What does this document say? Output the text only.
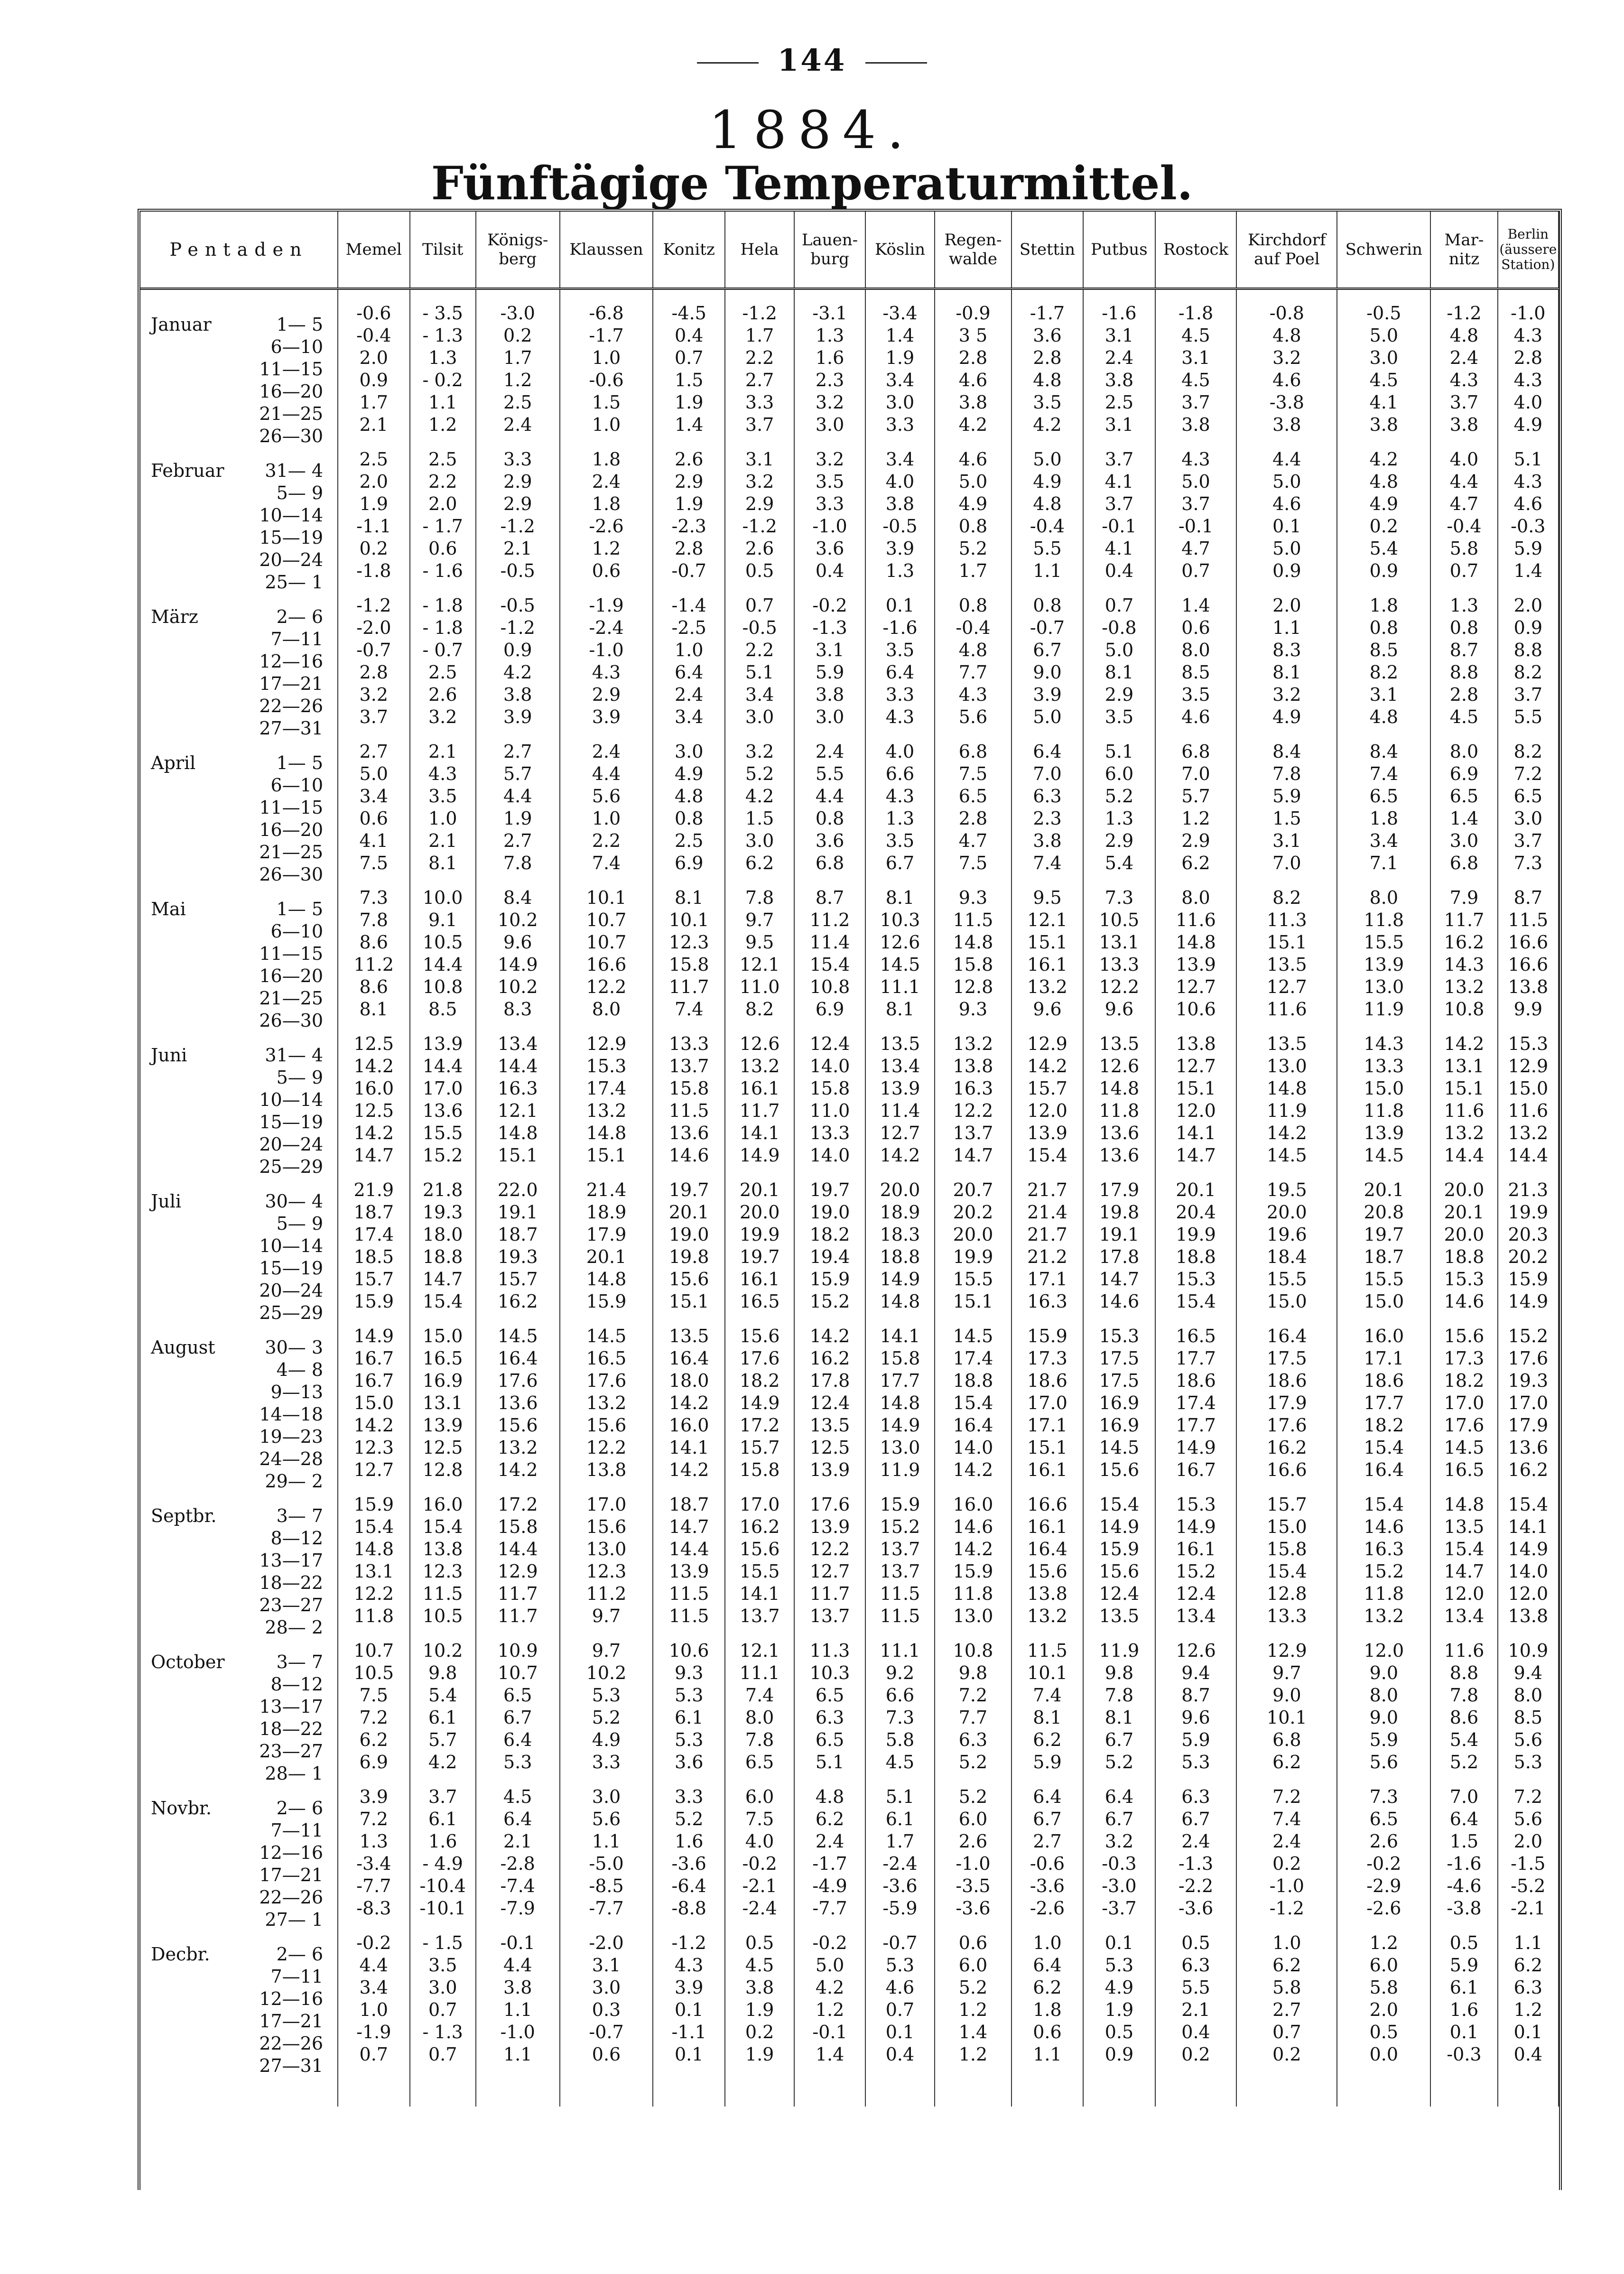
144
1884.
Fünftägige Temperaturmittel.
Pentaden	Memel	Tilsit	Königs-berg	Klaussen	Konitz	Hela	Lauen-burg	Köslin	Regen-walde	Stettin	Putbus	Rostock	Kirchdorf auf Poel	Schwerin	Mar-nitz	Berlin (äussere Station)

Januar 1— 5	-0.6	- 3.5	-3.0	-6.8	-4.5	-1.2	-3.1	-3.4	-0.9	-1.7	-1.6	-1.8	-0.8	-0.5	-1.2	-1.0

6—10	-0.4	- 1.3	0.2	-1.7	0.4	1.7	1.3	1.4	3 5	3.6	3.1	4.5	4.8	5.0	4.8	4.3

11—15	2.0	1.3	1.7	1.0	0.7	2.2	1.6	1.9	2.8	2.8	2.4	3.1	3.2	3.0	2.4	2.8

16—20	0.9	- 0.2	1.2	-0.6	1.5	2.7	2.3	3.4	4.6	4.8	3.8	4.5	4.6	4.5	4.3	4.3

21—25	1.7	1.1	2.5	1.5	1.9	3.3	3.2	3.0	3.8	3.5	2.5	3.7	-3.8	4.1	3.7	4.0

26—30	2.1	1.2	2.4	1.0	1.4	3.7	3.0	3.3	4.2	4.2	3.1	3.8	3.8	3.8	3.8	4.9

Februar 31— 4	2.5	2.5	3.3	1.8	2.6	3.1	3.2	3.4	4.6	5.0	3.7	4.3	4.4	4.2	4.0	5.1

5— 9	2.0	2.2	2.9	2.4	2.9	3.2	3.5	4.0	5.0	4.9	4.1	5.0	5.0	4.8	4.4	4.3

10—14	1.9	2.0	2.9	1.8	1.9	2.9	3.3	3.8	4.9	4.8	3.7	3.7	4.6	4.9	4.7	4.6

15—19	-1.1	- 1.7	-1.2	-2.6	-2.3	-1.2	-1.0	-0.5	0.8	-0.4	-0.1	-0.1	0.1	0.2	-0.4	-0.3

20—24	0.2	0.6	2.1	1.2	2.8	2.6	3.6	3.9	5.2	5.5	4.1	4.7	5.0	5.4	5.8	5.9

25— 1	-1.8	- 1.6	-0.5	0.6	-0.7	0.5	0.4	1.3	1.7	1.1	0.4	0.7	0.9	0.9	0.7	1.4

März 2— 6	-1.2	- 1.8	-0.5	-1.9	-1.4	0.7	-0.2	0.1	0.8	0.8	0.7	1.4	2.0	1.8	1.3	2.0

7—11	-2.0	- 1.8	-1.2	-2.4	-2.5	-0.5	-1.3	-1.6	-0.4	-0.7	-0.8	0.6	1.1	0.8	0.8	0.9

12—16	-0.7	- 0.7	0.9	-1.0	1.0	2.2	3.1	3.5	4.8	6.7	5.0	8.0	8.3	8.5	8.7	8.8

17—21	2.8	2.5	4.2	4.3	6.4	5.1	5.9	6.4	7.7	9.0	8.1	8.5	8.1	8.2	8.8	8.2

22—26	3.2	2.6	3.8	2.9	2.4	3.4	3.8	3.3	4.3	3.9	2.9	3.5	3.2	3.1	2.8	3.7

27—31	3.7	3.2	3.9	3.9	3.4	3.0	3.0	4.3	5.6	5.0	3.5	4.6	4.9	4.8	4.5	5.5

April 1— 5	2.7	2.1	2.7	2.4	3.0	3.2	2.4	4.0	6.8	6.4	5.1	6.8	8.4	8.4	8.0	8.2

6—10	5.0	4.3	5.7	4.4	4.9	5.2	5.5	6.6	7.5	7.0	6.0	7.0	7.8	7.4	6.9	7.2

11—15	3.4	3.5	4.4	5.6	4.8	4.2	4.4	4.3	6.5	6.3	5.2	5.7	5.9	6.5	6.5	6.5

16—20	0.6	1.0	1.9	1.0	0.8	1.5	0.8	1.3	2.8	2.3	1.3	1.2	1.5	1.8	1.4	3.0

21—25	4.1	2.1	2.7	2.2	2.5	3.0	3.6	3.5	4.7	3.8	2.9	2.9	3.1	3.4	3.0	3.7

26—30	7.5	8.1	7.8	7.4	6.9	6.2	6.8	6.7	7.5	7.4	5.4	6.2	7.0	7.1	6.8	7.3

Mai 1— 5	7.3	10.0	8.4	10.1	8.1	7.8	8.7	8.1	9.3	9.5	7.3	8.0	8.2	8.0	7.9	8.7

6—10	7.8	9.1	10.2	10.7	10.1	9.7	11.2	10.3	11.5	12.1	10.5	11.6	11.3	11.8	11.7	11.5

11—15	8.6	10.5	9.6	10.7	12.3	9.5	11.4	12.6	14.8	15.1	13.1	14.8	15.1	15.5	16.2	16.6

16—20	11.2	14.4	14.9	16.6	15.8	12.1	15.4	14.5	15.8	16.1	13.3	13.9	13.5	13.9	14.3	16.6

21—25	8.6	10.8	10.2	12.2	11.7	11.0	10.8	11.1	12.8	13.2	12.2	12.7	12.7	13.0	13.2	13.8

26—30	8.1	8.5	8.3	8.0	7.4	8.2	6.9	8.1	9.3	9.6	9.6	10.6	11.6	11.9	10.8	9.9

Juni 31— 4	12.5	13.9	13.4	12.9	13.3	12.6	12.4	13.5	13.2	12.9	13.5	13.8	13.5	14.3	14.2	15.3

5— 9	14.2	14.4	14.4	15.3	13.7	13.2	14.0	13.4	13.8	14.2	12.6	12.7	13.0	13.3	13.1	12.9

10—14	16.0	17.0	16.3	17.4	15.8	16.1	15.8	13.9	16.3	15.7	14.8	15.1	14.8	15.0	15.1	15.0

15—19	12.5	13.6	12.1	13.2	11.5	11.7	11.0	11.4	12.2	12.0	11.8	12.0	11.9	11.8	11.6	11.6

20—24	14.2	15.5	14.8	14.8	13.6	14.1	13.3	12.7	13.7	13.9	13.6	14.1	14.2	13.9	13.2	13.2

25—29	14.7	15.2	15.1	15.1	14.6	14.9	14.0	14.2	14.7	15.4	13.6	14.7	14.5	14.5	14.4	14.4

Juli 30— 4	21.9	21.8	22.0	21.4	19.7	20.1	19.7	20.0	20.7	21.7	17.9	20.1	19.5	20.1	20.0	21.3

5— 9	18.7	19.3	19.1	18.9	20.1	20.0	19.0	18.9	20.2	21.4	19.8	20.4	20.0	20.8	20.1	19.9

10—14	17.4	18.0	18.7	17.9	19.0	19.9	18.2	18.3	20.0	21.7	19.1	19.9	19.6	19.7	20.0	20.3

15—19	18.5	18.8	19.3	20.1	19.8	19.7	19.4	18.8	19.9	21.2	17.8	18.8	18.4	18.7	18.8	20.2

20—24	15.7	14.7	15.7	14.8	15.6	16.1	15.9	14.9	15.5	17.1	14.7	15.3	15.5	15.5	15.3	15.9

25—29	15.9	15.4	16.2	15.9	15.1	16.5	15.2	14.8	15.1	16.3	14.6	15.4	15.0	15.0	14.6	14.9

August 30— 3	14.9	15.0	14.5	14.5	13.5	15.6	14.2	14.1	14.5	15.9	15.3	16.5	16.4	16.0	15.6	15.2

4— 8	16.7	16.5	16.4	16.5	16.4	17.6	16.2	15.8	17.4	17.3	17.5	17.7	17.5	17.1	17.3	17.6

9—13	16.7	16.9	17.6	17.6	18.0	18.2	17.8	17.7	18.8	18.6	17.5	18.6	18.6	18.6	18.2	19.3

14—18	15.0	13.1	13.6	13.2	14.2	14.9	12.4	14.8	15.4	17.0	16.9	17.4	17.9	17.7	17.0	17.0

19—23	14.2	13.9	15.6	15.6	16.0	17.2	13.5	14.9	16.4	17.1	16.9	17.7	17.6	18.2	17.6	17.9

24—28	12.3	12.5	13.2	12.2	14.1	15.7	12.5	13.0	14.0	15.1	14.5	14.9	16.2	15.4	14.5	13.6

29— 2	12.7	12.8	14.2	13.8	14.2	15.8	13.9	11.9	14.2	16.1	15.6	16.7	16.6	16.4	16.5	16.2

Septbr. 3— 7	15.9	16.0	17.2	17.0	18.7	17.0	17.6	15.9	16.0	16.6	15.4	15.3	15.7	15.4	14.8	15.4

8—12	15.4	15.4	15.8	15.6	14.7	16.2	13.9	15.2	14.6	16.1	14.9	14.9	15.0	14.6	13.5	14.1

13—17	14.8	13.8	14.4	13.0	14.4	15.6	12.2	13.7	14.2	16.4	15.9	16.1	15.8	16.3	15.4	14.9

18—22	13.1	12.3	12.9	12.3	13.9	15.5	12.7	13.7	15.9	15.6	15.6	15.2	15.4	15.2	14.7	14.0

23—27	12.2	11.5	11.7	11.2	11.5	14.1	11.7	11.5	11.8	13.8	12.4	12.4	12.8	11.8	12.0	12.0

28— 2	11.8	10.5	11.7	9.7	11.5	13.7	13.7	11.5	13.0	13.2	13.5	13.4	13.3	13.2	13.4	13.8

October 3— 7	10.7	10.2	10.9	9.7	10.6	12.1	11.3	11.1	10.8	11.5	11.9	12.6	12.9	12.0	11.6	10.9

8—12	10.5	9.8	10.7	10.2	9.3	11.1	10.3	9.2	9.8	10.1	9.8	9.4	9.7	9.0	8.8	9.4

13—17	7.5	5.4	6.5	5.3	5.3	7.4	6.5	6.6	7.2	7.4	7.8	8.7	9.0	8.0	7.8	8.0

18—22	7.2	6.1	6.7	5.2	6.1	8.0	6.3	7.3	7.7	8.1	8.1	9.6	10.1	9.0	8.6	8.5

23—27	6.2	5.7	6.4	4.9	5.3	7.8	6.5	5.8	6.3	6.2	6.7	5.9	6.8	5.9	5.4	5.6

28— 1	6.9	4.2	5.3	3.3	3.6	6.5	5.1	4.5	5.2	5.9	5.2	5.3	6.2	5.6	5.2	5.3

Novbr. 2— 6	3.9	3.7	4.5	3.0	3.3	6.0	4.8	5.1	5.2	6.4	6.4	6.3	7.2	7.3	7.0	7.2

7—11	7.2	6.1	6.4	5.6	5.2	7.5	6.2	6.1	6.0	6.7	6.7	6.7	7.4	6.5	6.4	5.6

12—16	1.3	1.6	2.1	1.1	1.6	4.0	2.4	1.7	2.6	2.7	3.2	2.4	2.4	2.6	1.5	2.0

17—21	-3.4	- 4.9	-2.8	-5.0	-3.6	-0.2	-1.7	-2.4	-1.0	-0.6	-0.3	-1.3	0.2	-0.2	-1.6	-1.5

22—26	-7.7	-10.4	-7.4	-8.5	-6.4	-2.1	-4.9	-3.6	-3.5	-3.6	-3.0	-2.2	-1.0	-2.9	-4.6	-5.2

27— 1	-8.3	-10.1	-7.9	-7.7	-8.8	-2.4	-7.7	-5.9	-3.6	-2.6	-3.7	-3.6	-1.2	-2.6	-3.8	-2.1

Decbr. 2— 6	-0.2	- 1.5	-0.1	-2.0	-1.2	0.5	-0.2	-0.7	0.6	1.0	0.1	0.5	1.0	1.2	0.5	1.1

7—11	4.4	3.5	4.4	3.1	4.3	4.5	5.0	5.3	6.0	6.4	5.3	6.3	6.2	6.0	5.9	6.2

12—16	3.4	3.0	3.8	3.0	3.9	3.8	4.2	4.6	5.2	6.2	4.9	5.5	5.8	5.8	6.1	6.3

17—21	1.0	0.7	1.1	0.3	0.1	1.9	1.2	0.7	1.2	1.8	1.9	2.1	2.7	2.0	1.6	1.2

22—26	-1.9	- 1.3	-1.0	-0.7	-1.1	0.2	-0.1	0.1	1.4	0.6	0.5	0.4	0.7	0.5	0.1	0.1

27—31	0.7	0.7	1.1	0.6	0.1	1.9	1.4	0.4	1.2	1.1	0.9	0.2	0.2	0.0	-0.3	0.4
